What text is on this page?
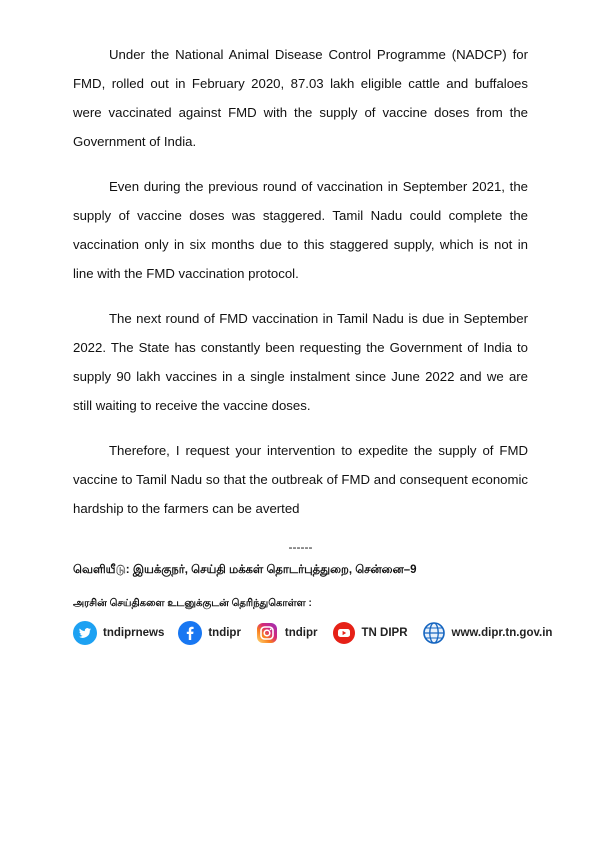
Under the National Animal Disease Control Programme (NADCP) for FMD, rolled out in February 2020, 87.03 lakh eligible cattle and buffaloes were vaccinated against FMD with the supply of vaccine doses from the Government of India.

Even during the previous round of vaccination in September 2021, the supply of vaccine doses was staggered. Tamil Nadu could complete the vaccination only in six months due to this staggered supply, which is not in line with the FMD vaccination protocol.

The next round of FMD vaccination in Tamil Nadu is due in September 2022. The State has constantly been requesting the Government of India to supply 90 lakh vaccines in a single instalment since June 2022 and we are still waiting to receive the vaccine doses.

Therefore, I request your intervention to expedite the supply of FMD vaccine to Tamil Nadu so that the outbreak of FMD and consequent economic hardship to the farmers can be averted

------
வெளியீடு: இயக்குநர், செய்தி மக்கள் தொடர்புத்துறை, சென்னை–9
அரசின் செய்திகளை உடனுக்குடன் தெரிந்துகொள்ள :
tndiprnews	tndipr	tndipr	TN DIPR	www.dipr.tn.gov.in
